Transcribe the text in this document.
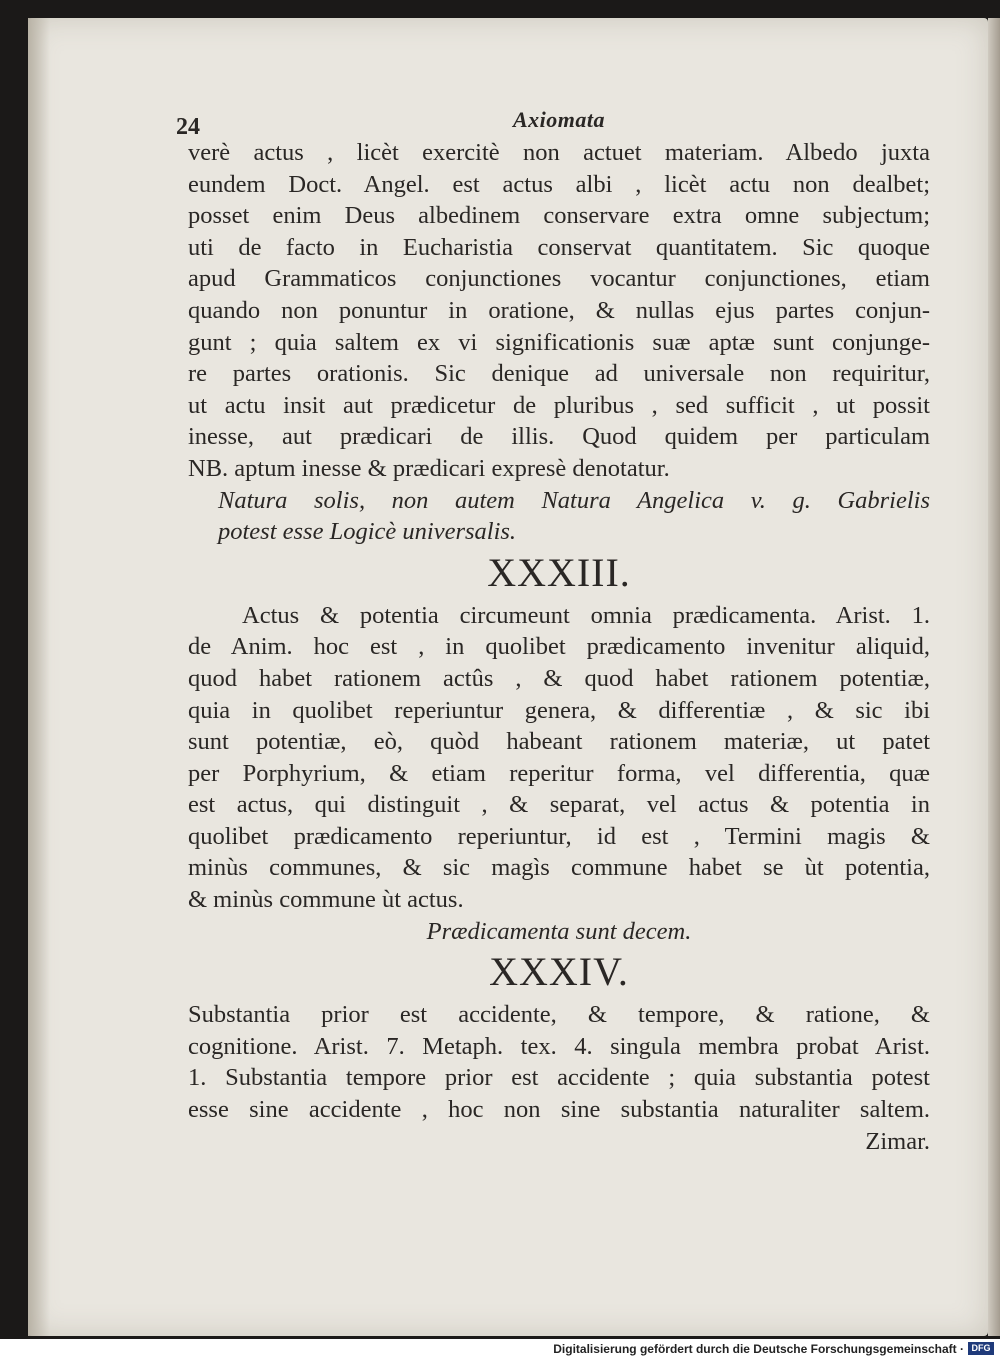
24	Axiomata
verè actus , licèt exercitè non actuet materiam. Albedo juxta
eundem Doct. Angel. est actus albi , licèt actu non dealbet;
posset enim Deus albedinem conservare extra omne subjectum;
uti de facto in Eucharistia conservat quantitatem. Sic quoque
apud Grammaticos conjunctiones vocantur conjunctiones, etiam
quando non ponuntur in oratione, & nullas ejus partes conjun-
gunt ; quia saltem ex vi significationis suæ aptæ sunt conjunge-
re partes orationis. Sic denique ad universale non requiritur,
ut actu insit aut prædicetur de pluribus , sed sufficit , ut possit
inesse, aut prædicari de illis. Quod quidem per particulam
NB. aptum inesse & prædicari expresè denotatur.
Natura solis, non autem Natura Angelica v. g. Gabrielis
potest esse Logicè universalis.
XXXIII.
Actus & potentia circumeunt omnia prædicamenta. Arist. 1.
de Anim. hoc est , in quolibet prædicamento invenitur aliquid,
quod habet rationem actûs , & quod habet rationem potentiæ,
quia in quolibet reperiuntur genera, & differentiæ , & sic ibi
sunt potentiæ, eò, quòd habeant rationem materiæ, ut patet
per Porphyrium, & etiam reperitur forma, vel differentia, quæ
est actus, qui distinguit , & separat, vel actus & potentia in
quolibet prædicamento reperiuntur, id est , Termini magis &
minùs communes, & sic magìs commune habet se ùt potentia,
& minùs commune ùt actus.
Prædicamenta sunt decem.
XXXIV.
Substantia prior est accidente, & tempore, & ratione, &
cognitione. Arist. 7. Metaph. tex. 4. singula membra probat Arist.
1. Substantia tempore prior est accidente ; quia substantia potest
esse sine accidente , hoc non sine substantia naturaliter saltem.
Zimar.
Digitalisierung gefördert durch die Deutsche Forschungsgemeinschaft · DFG
